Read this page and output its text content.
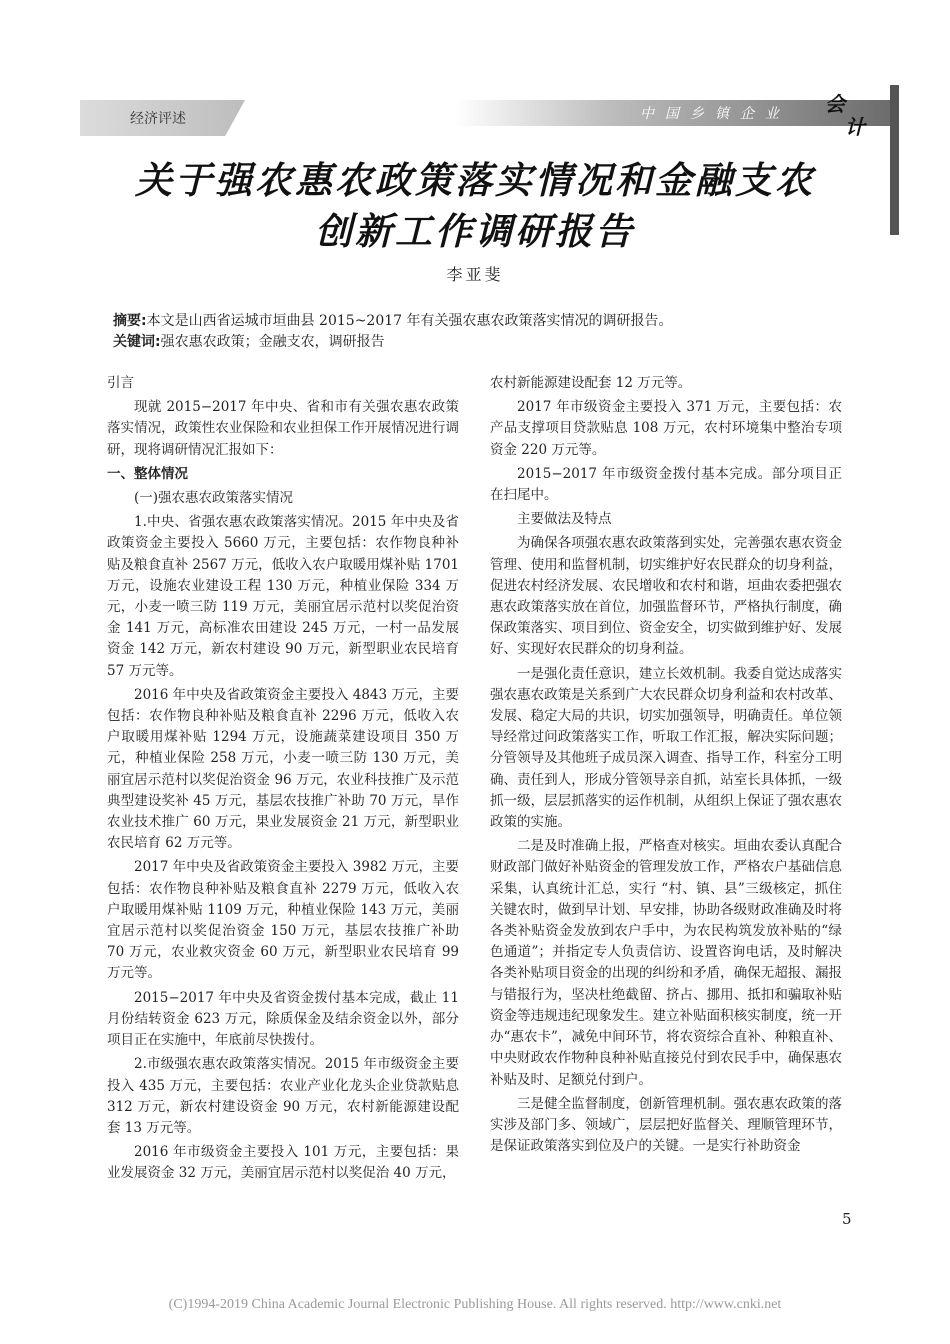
经济评述	中国乡镇企业 会
计
关于强农惠农政策落实情况和金融支农
创新工作调研报告
李亚斐
摘要:本文是山西省运城市垣曲县 2015~2017 年有关强农惠农政策落实情况的调研报告。
关键词:强农惠农政策；金融支农，调研报告

引言

现就 2015−2017 年中央、省和市有关强农惠农政策落实情况，政策性农业保险和农业担保工作开展情况进行调研，现将调研情况汇报如下：

一、整体情况

(一)强农惠农政策落实情况

1.中央、省强农惠农政策落实情况。2015 年中央及省政策资金主要投入 5660 万元，主要包括：农作物良种补贴及粮食直补 2567 万元，低收入农户取暖用煤补贴 1701 万元，设施农业建设工程 130 万元，种植业保险 334 万元，小麦一喷三防 119 万元，美丽宜居示范村以奖促治资金 141 万元，高标准农田建设 245 万元，一村一品发展资金 142 万元，新农村建设 90 万元，新型职业农民培育 57 万元等。

2016 年中央及省政策资金主要投入 4843 万元，主要包括：农作物良种补贴及粮食直补 2296 万元，低收入农户取暖用煤补贴 1294 万元，设施蔬菜建设项目 350 万元，种植业保险 258 万元，小麦一喷三防 130 万元，美丽宜居示范村以奖促治资金 96 万元，农业科技推广及示范典型建设奖补 45 万元，基层农技推广补助 70 万元，旱作农业技术推广 60 万元，果业发展资金 21 万元，新型职业农民培育 62 万元等。

2017 年中央及省政策资金主要投入 3982 万元，主要包括：农作物良种补贴及粮食直补 2279 万元，低收入农户取暖用煤补贴 1109 万元，种植业保险 143 万元，美丽宜居示范村以奖促治资金 150 万元，基层农技推广补助 70 万元，农业救灾资金 60 万元，新型职业农民培育 99 万元等。

2015−2017 年中央及省资金拨付基本完成，截止 11 月份结转资金 623 万元，除质保金及结余资金以外，部分项目正在实施中，年底前尽快拨付。

2.市级强农惠农政策落实情况。2015 年市级资金主要投入 435 万元，主要包括：农业产业化龙头企业贷款贴息 312 万元，新农村建设资金 90 万元，农村新能源建设配套 13 万元等。

2016 年市级资金主要投入 101 万元，主要包括：果业发展资金 32 万元，美丽宜居示范村以奖促治 40 万元，

农村新能源建设配套 12 万元等。

2017 年市级资金主要投入 371 万元，主要包括：农产品支撑项目贷款贴息 108 万元，农村环境集中整治专项资金 220 万元等。

2015−2017 年市级资金拨付基本完成。部分项目正在扫尾中。

主要做法及特点

为确保各项强农惠农政策落到实处，完善强农惠农资金管理、使用和监督机制，切实维护好农民群众的切身利益，促进农村经济发展、农民增收和农村和谐，垣曲农委把强农惠农政策落实放在首位，加强监督环节，严格执行制度，确保政策落实、项目到位、资金安全，切实做到维护好、发展好、实现好农民群众的切身利益。

一是强化责任意识，建立长效机制。我委自觉达成落实强农惠农政策是关系到广大农民群众切身利益和农村改革、发展、稳定大局的共识，切实加强领导，明确责任。单位领导经常过问政策落实工作，听取工作汇报，解决实际问题；分管领导及其他班子成员深入调查、指导工作，科室分工明确、责任到人，形成分管领导亲自抓，站室长具体抓，一级抓一级，层层抓落实的运作机制，从组织上保证了强农惠农政策的实施。

二是及时准确上报，严格查对核实。垣曲农委认真配合财政部门做好补贴资金的管理发放工作，严格农户基础信息采集，认真统计汇总，实行 “村、镇、县”三级核定，抓住关键农时，做到早计划、早安排，协助各级财政准确及时将各类补贴资金发放到农户手中，为农民构筑发放补贴的“绿色通道”；并指定专人负责信访、设置咨询电话，及时解决各类补贴项目资金的出现的纠纷和矛盾，确保无超报、漏报与错报行为，坚决杜绝截留、挤占、挪用、抵扣和骗取补贴资金等违规违纪现象发生。建立补贴面积核实制度，统一开办“惠农卡”，减免中间环节，将农资综合直补、种粮直补、中央财政农作物种良种补贴直接兑付到农民手中，确保惠农补贴及时、足额兑付到户。

三是健全监督制度，创新管理机制。强农惠农政策的落实涉及部门多、领域广，层层把好监督关、理顺管理环节，是保证政策落实到位及户的关键。一是实行补助资金

5
(C)1994-2019 China Academic Journal Electronic Publishing House. All rights reserved. http://www.cnki.net
